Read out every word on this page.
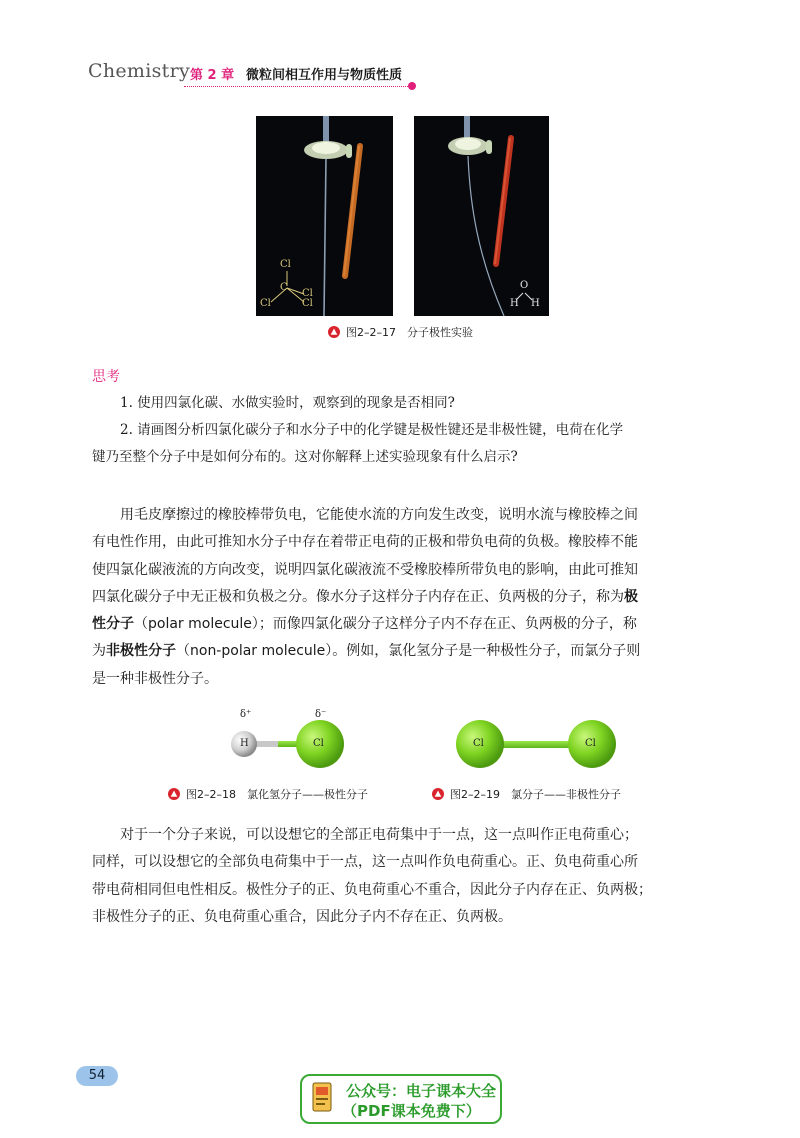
Chemistry 第 2 章 微粒间相互作用与物质性质
Cl
C
Cl
Cl	Cl
O
H H
图2–2–17　分子极性实验
思考
1. 使用四氯化碳、水做实验时，观察到的现象是否相同?
2. 请画图分析四氯化碳分子和水分子中的化学键是极性键还是非极性键，电荷在化学
键乃至整个分子中是如何分布的。这对你解释上述实验现象有什么启示?

用毛皮摩擦过的橡胶棒带负电，它能使水流的方向发生改变，说明水流与橡胶棒之间

有电性作用，由此可推知水分子中存在着带正电荷的正极和带负电荷的负极。橡胶棒不能
使四氯化碳液流的方向改变，说明四氯化碳液流不受橡胶棒所带负电的影响，由此可推知
四氯化碳分子中无正极和负极之分。像水分子这样分子内存在正、负两极的分子，称为极
性分子（polar molecule）；而像四氯化碳分子这样分子内不存在正、负两极的分子，称
为非极性分子（non-polar molecule）。例如，氯化氢分子是一种极性分子，而氯分子则
是一种非极性分子。
δ⁺	δ⁻
H	Cl
图2–2–18　氯化氢分子——极性分子
Cl	Cl
图2–2–19　氯分子——非极性分子

对于一个分子来说，可以设想它的全部正电荷集中于一点，这一点叫作正电荷重心；

同样，可以设想它的全部负电荷集中于一点，这一点叫作负电荷重心。正、负电荷重心所
带电荷相同但电性相反。极性分子的正、负电荷重心不重合，因此分子内存在正、负两极；
非极性分子的正、负电荷重心重合，因此分子内不存在正、负两极。
54
公众号：电子课本大全
（PDF课本免费下）
